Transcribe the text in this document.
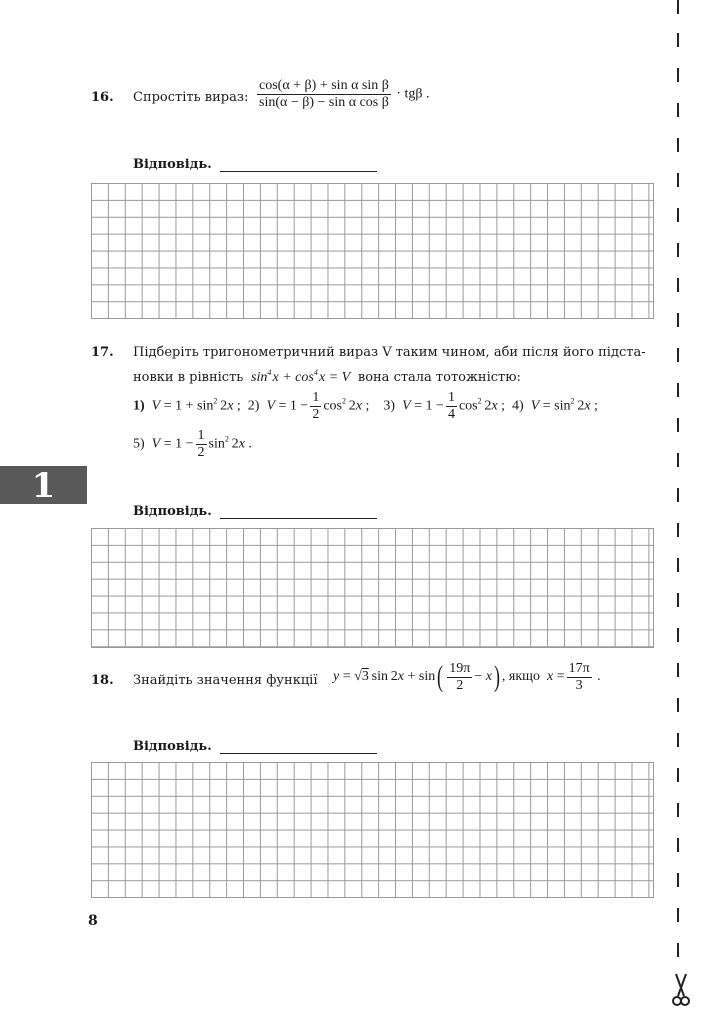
1
16. Спростіть вираз: $\frac{\text{cos(α + β) + sin α sin β}}{\text{sin(α − β) − sin α cos β}} \cdot tg\beta$ .
Відповідь.
17. Підберіть тригонометричний вираз V таким чином, аби після його підста-
новки в рівність  $\sin^4$ $x + \cos^4$ x = V  вона стала тотожністю:
1)  $V = 1 + \sin^2 2x$ ;  2)  $V = 1 - \frac{1}{2} \cos^2 2x$ ;    3)  $V = 1 - \frac{1}{4} \cos^2 2x$ ;  4)  $V = \sin^2 2x$ ;
5)  $V = 1 - \frac{1}{2} \sin^2 2x$ .
Відповідь.
18. Знайдіть значення функції y = √3 $\sin 2x + \sin( \frac{19\pi}{2} - x)$ , якщо  $x = \frac{17\pi}{3}$ .
Відповідь.
8
